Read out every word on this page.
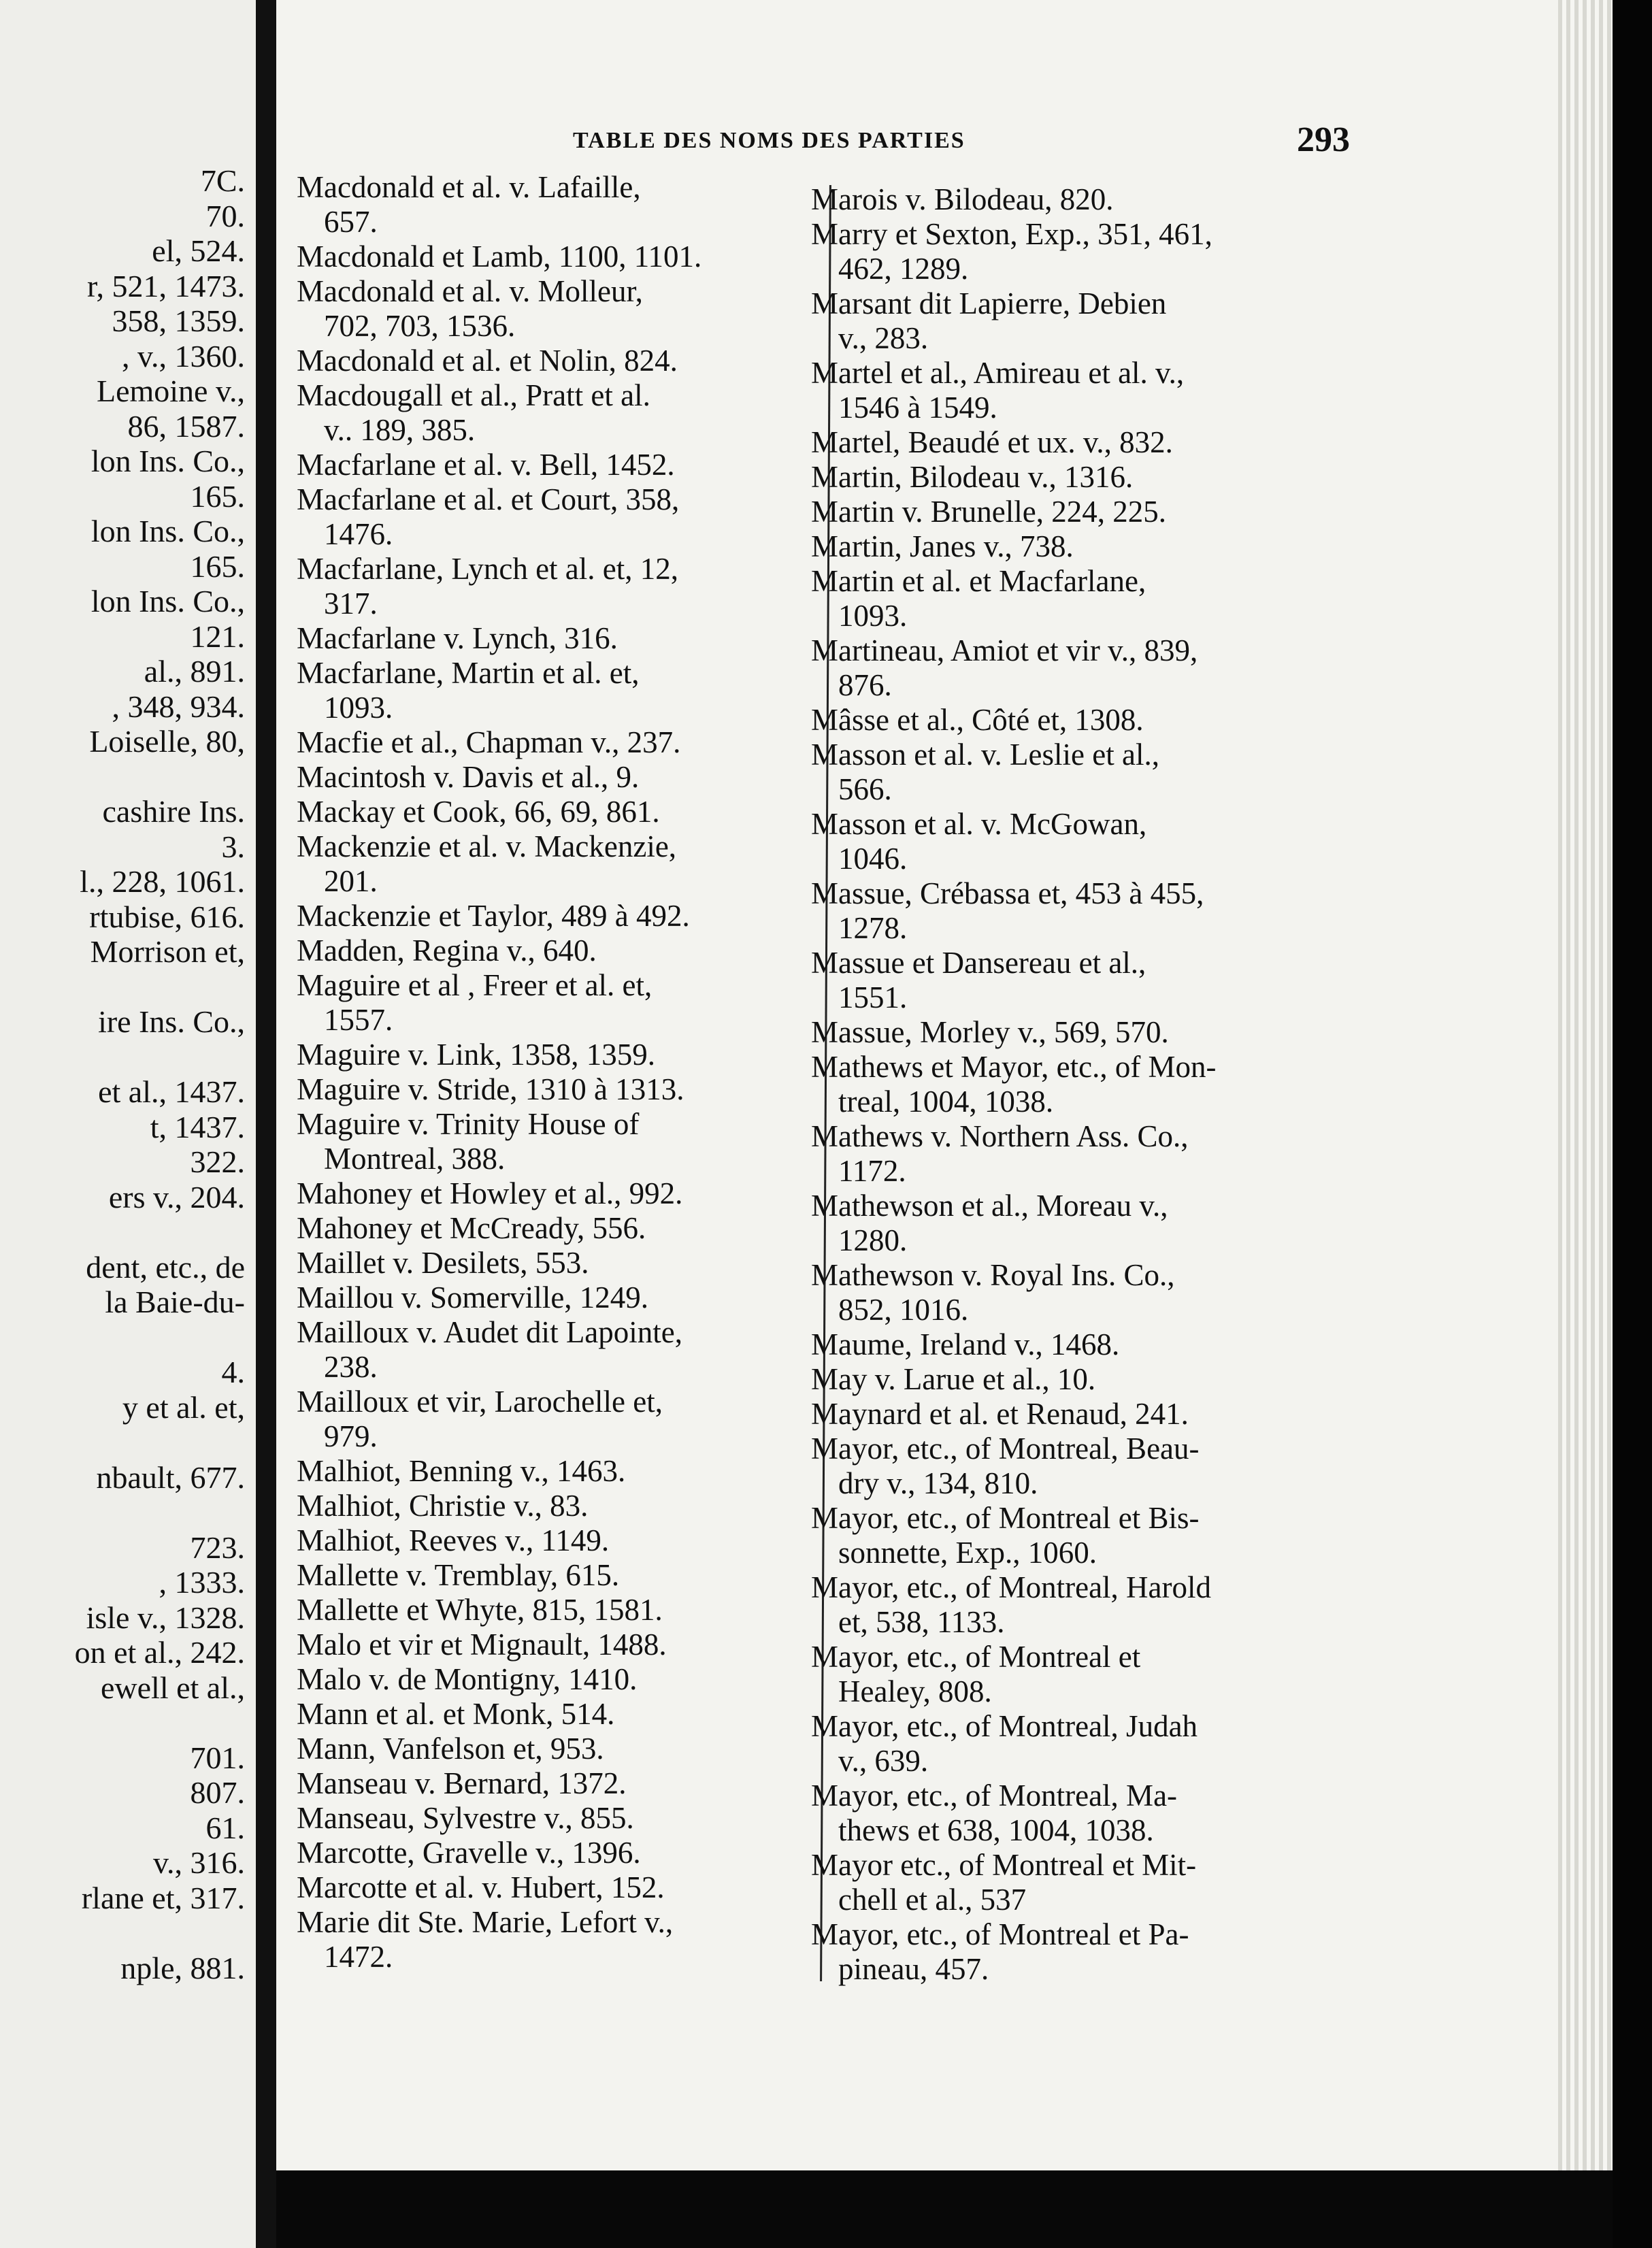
7C.
70.
el, 524.
r, 521, 1473.
358, 1359.
, v., 1360.
Lemoine v.,
86, 1587.
lon Ins. Co.,
165.
lon Ins. Co.,
165.
lon Ins. Co.,
121.
al., 891.
, 348, 934.
Loiselle, 80,
cashire Ins.
3.
l., 228, 1061.
rtubise, 616.
Morrison et,
ire Ins. Co.,
et al., 1437.
t, 1437.
322.
ers v., 204.
dent, etc., de
la Baie-du-
4.
y et al. et,
nbault, 677.
723.
, 1333.
isle v., 1328.
on et al., 242.
ewell et al.,
701.
807.
61.
v., 316.
rlane et, 317.
nple, 881.
TABLE DES NOMS DES PARTIES	293
Macdonald et al. v. Lafaille,
657.
Macdonald et Lamb, 1100, 1101.
Macdonald et al. v. Molleur,
702, 703, 1536.
Macdonald et al. et Nolin, 824.
Macdougall et al., Pratt et al.
v.. 189, 385.
Macfarlane et al. v. Bell, 1452.
Macfarlane et al. et Court, 358,
1476.
Macfarlane, Lynch et al. et, 12,
317.
Macfarlane v. Lynch, 316.
Macfarlane, Martin et al. et,
1093.
Macfie et al., Chapman v., 237.
Macintosh v. Davis et al., 9.
Mackay et Cook, 66, 69, 861.
Mackenzie et al. v. Mackenzie,
201.
Mackenzie et Taylor, 489 à 492.
Madden, Regina v., 640.
Maguire et al , Freer et al. et,
1557.
Maguire v. Link, 1358, 1359.
Maguire v. Stride, 1310 à 1313.
Maguire v. Trinity House of
Montreal, 388.
Mahoney et Howley et al., 992.
Mahoney et McCready, 556.
Maillet v. Desilets, 553.
Maillou v. Somerville, 1249.
Mailloux v. Audet dit Lapointe,
238.
Mailloux et vir, Larochelle et,
979.
Malhiot, Benning v., 1463.
Malhiot, Christie v., 83.
Malhiot, Reeves v., 1149.
Mallette v. Tremblay, 615.
Mallette et Whyte, 815, 1581.
Malo et vir et Mignault, 1488.
Malo v. de Montigny, 1410.
Mann et al. et Monk, 514.
Mann, Vanfelson et, 953.
Manseau v. Bernard, 1372.
Manseau, Sylvestre v., 855.
Marcotte, Gravelle v., 1396.
Marcotte et al. v. Hubert, 152.
Marie dit Ste. Marie, Lefort v.,
1472.
Marois v. Bilodeau, 820.
Marry et Sexton, Exp., 351, 461,
462, 1289.
Marsant dit Lapierre, Debien
v., 283.
Martel et al., Amireau et al. v.,
1546 à 1549.
Martel, Beaudé et ux. v., 832.
Martin, Bilodeau v., 1316.
Martin v. Brunelle, 224, 225.
Martin, Janes v., 738.
Martin et al. et Macfarlane,
1093.
Martineau, Amiot et vir v., 839,
876.
Mâsse et al., Côté et, 1308.
Masson et al. v. Leslie et al.,
566.
Masson et al. v. McGowan,
1046.
Massue, Crébassa et, 453 à 455,
1278.
Massue et Dansereau et al.,
1551.
Massue, Morley v., 569, 570.
Mathews et Mayor, etc., of Mon-
treal, 1004, 1038.
Mathews v. Northern Ass. Co.,
1172.
Mathewson et al., Moreau v.,
1280.
Mathewson v. Royal Ins. Co.,
852, 1016.
Maume, Ireland v., 1468.
May v. Larue et al., 10.
Maynard et al. et Renaud, 241.
Mayor, etc., of Montreal, Beau-
dry v., 134, 810.
Mayor, etc., of Montreal et Bis-
sonnette, Exp., 1060.
Mayor, etc., of Montreal, Harold
et, 538, 1133.
Mayor, etc., of Montreal et
Healey, 808.
Mayor, etc., of Montreal, Judah
v., 639.
Mayor, etc., of Montreal, Ma-
thews et 638, 1004, 1038.
Mayor etc., of Montreal et Mit-
chell et al., 537
Mayor, etc., of Montreal et Pa-
pineau, 457.
